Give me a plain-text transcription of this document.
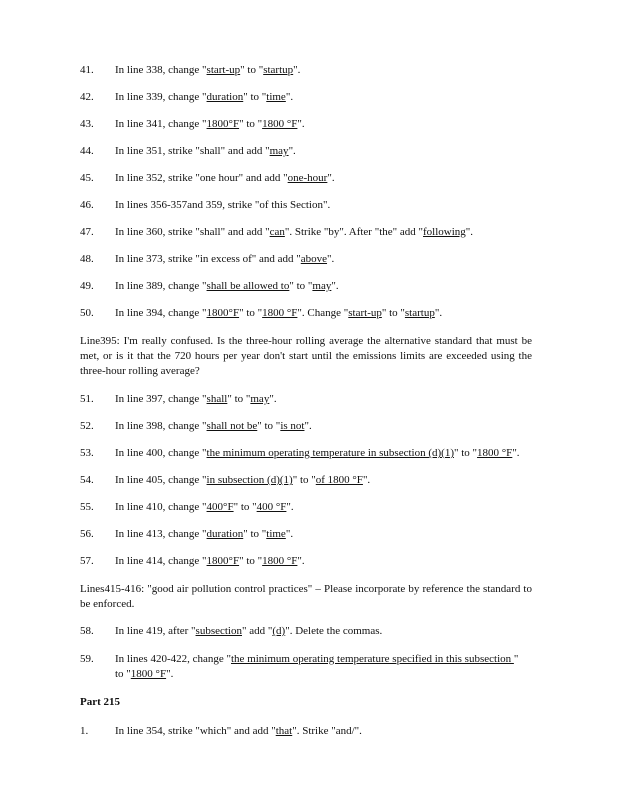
41. In line 338, change "start-up" to "startup".
42. In line 339, change "duration" to "time".
43. In line 341, change "1800°F" to "1800 °F".
44. In line 351, strike "shall" and add "may".
45. In line 352, strike "one hour" and add "one-hour".
46. In lines 356-357and 359, strike "of this Section".
47. In line 360, strike "shall" and add "can". Strike "by". After "the" add "following".
48. In line 373, strike "in excess of" and add "above".
49. In line 389, change "shall be allowed to" to "may".
50. In line 394, change "1800°F" to "1800 °F". Change "start-up" to "startup".
Line395: I'm really confused. Is the three-hour rolling average the alternative standard that must be met, or is it that the 720 hours per year don't start until the emissions limits are exceeded using the three-hour rolling average?
51. In line 397, change "shall" to "may".
52. In line 398, change "shall not be" to "is not".
53. In line 400, change "the minimum operating temperature in subsection (d)(1)" to "1800 °F".
54. In line 405, change "in subsection (d)(1)" to "of 1800 °F".
55. In line 410, change "400°F" to "400 °F".
56. In line 413, change "duration" to "time".
57. In line 414, change "1800°F" to "1800 °F".
Lines415-416: "good air pollution control practices" – Please incorporate by reference the standard to be enforced.
58. In line 419, after "subsection" add "(d)". Delete the commas.
59. In lines 420-422, change "the minimum operating temperature specified in this subsection "
to "1800 °F".
Part 215
1. In line 354, strike "which" and add "that". Strike "and/".
